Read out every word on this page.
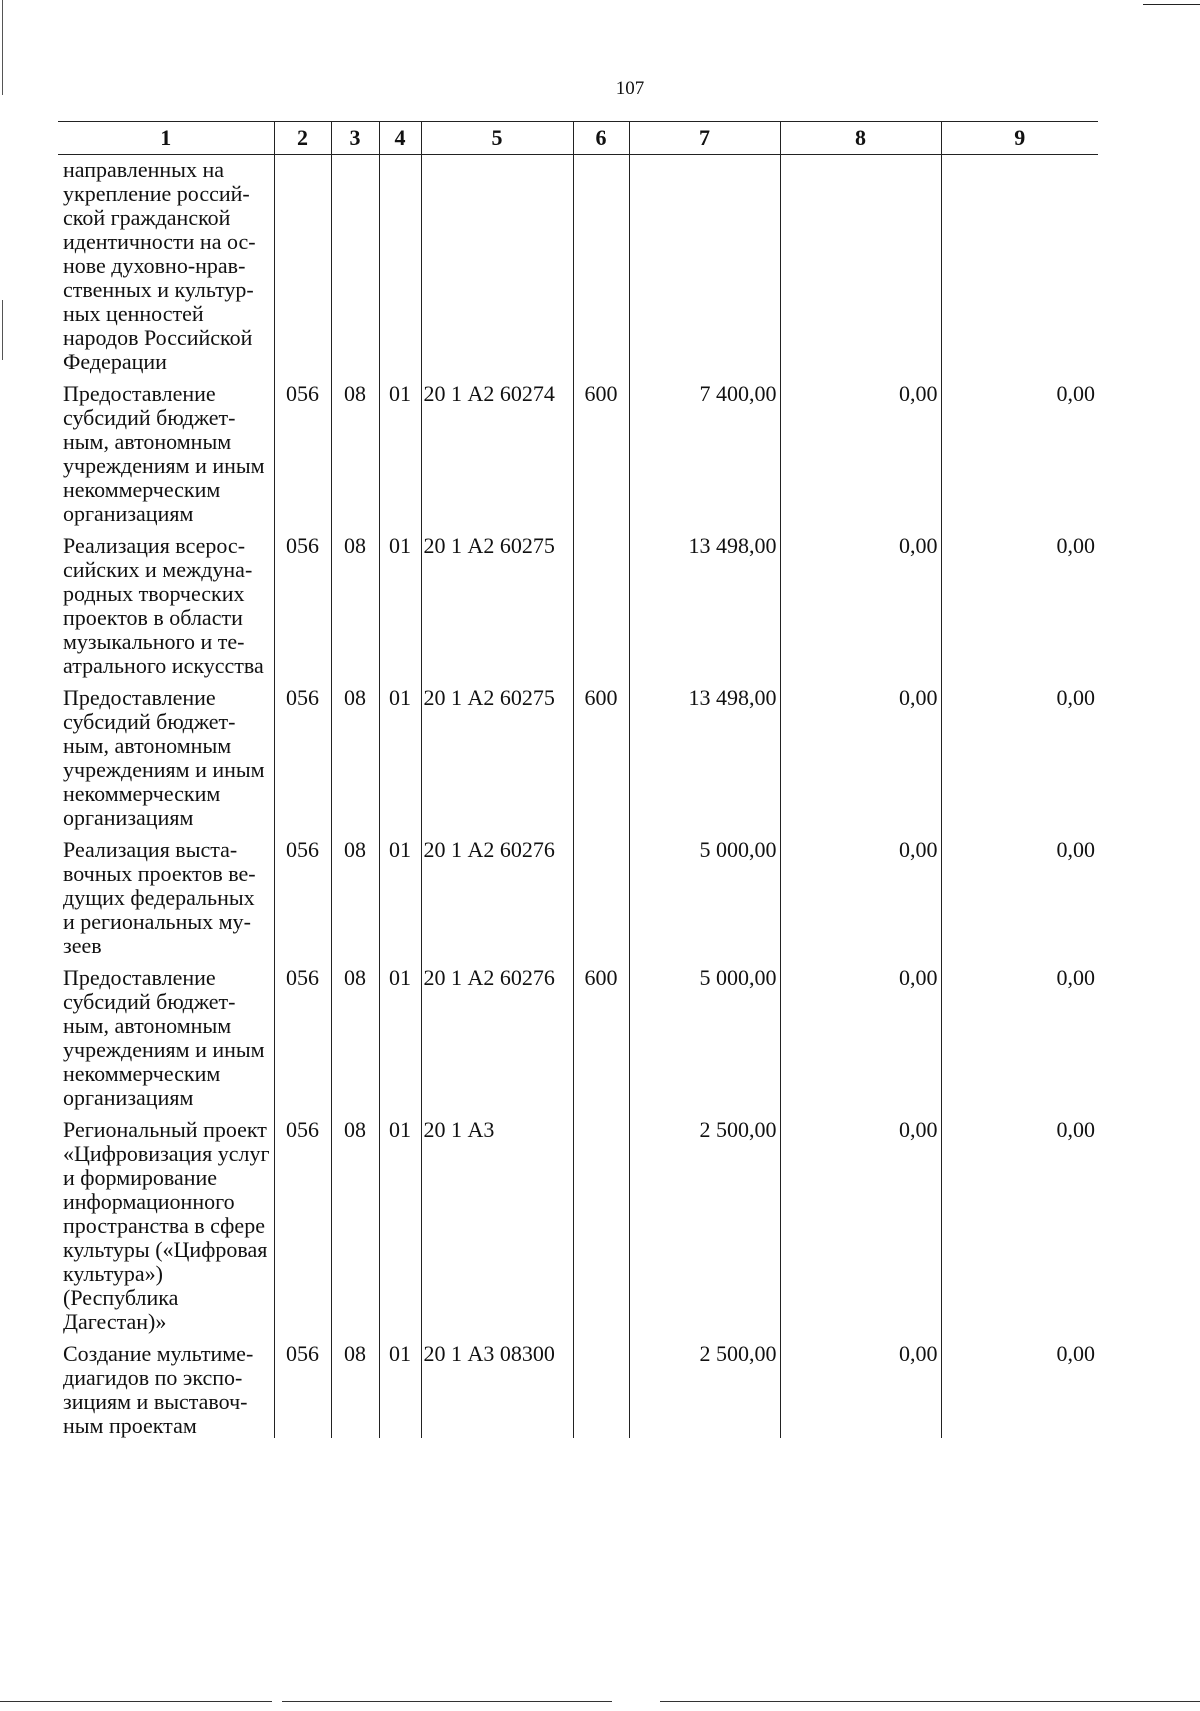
107
1	2	3	4	5	6	7	8	9
направленных на укрепление российской гражданской идентичности на основе духовно-нравственных и культурных ценностей народов Российской Федерации								
Предоставление субсидий бюджетным, автономным учреждениям и иным некоммерческим организациям	056	08	01	20 1 А2 60274	600	7 400,00	0,00	0,00
Реализация всероссийских и международных творческих проектов в области музыкального и театрального искусства	056	08	01	20 1 А2 60275		13 498,00	0,00	0,00
Предоставление субсидий бюджетным, автономным учреждениям и иным некоммерческим организациям	056	08	01	20 1 А2 60275	600	13 498,00	0,00	0,00
Реализация выставочных проектов ведущих федеральных и региональных музеев	056	08	01	20 1 А2 60276		5 000,00	0,00	0,00
Предоставление субсидий бюджетным, автономным учреждениям и иным некоммерческим организациям	056	08	01	20 1 А2 60276	600	5 000,00	0,00	0,00
Региональный проект «Цифровизация услуг и формирование информационного пространства в сфере культуры («Цифровая культура») (Республика Дагестан)»	056	08	01	20 1 А3		2 500,00	0,00	0,00
Создание мультимедиагидов по экспозициям и выставочным проектам	056	08	01	20 1 А3 08300		2 500,00	0,00	0,00
